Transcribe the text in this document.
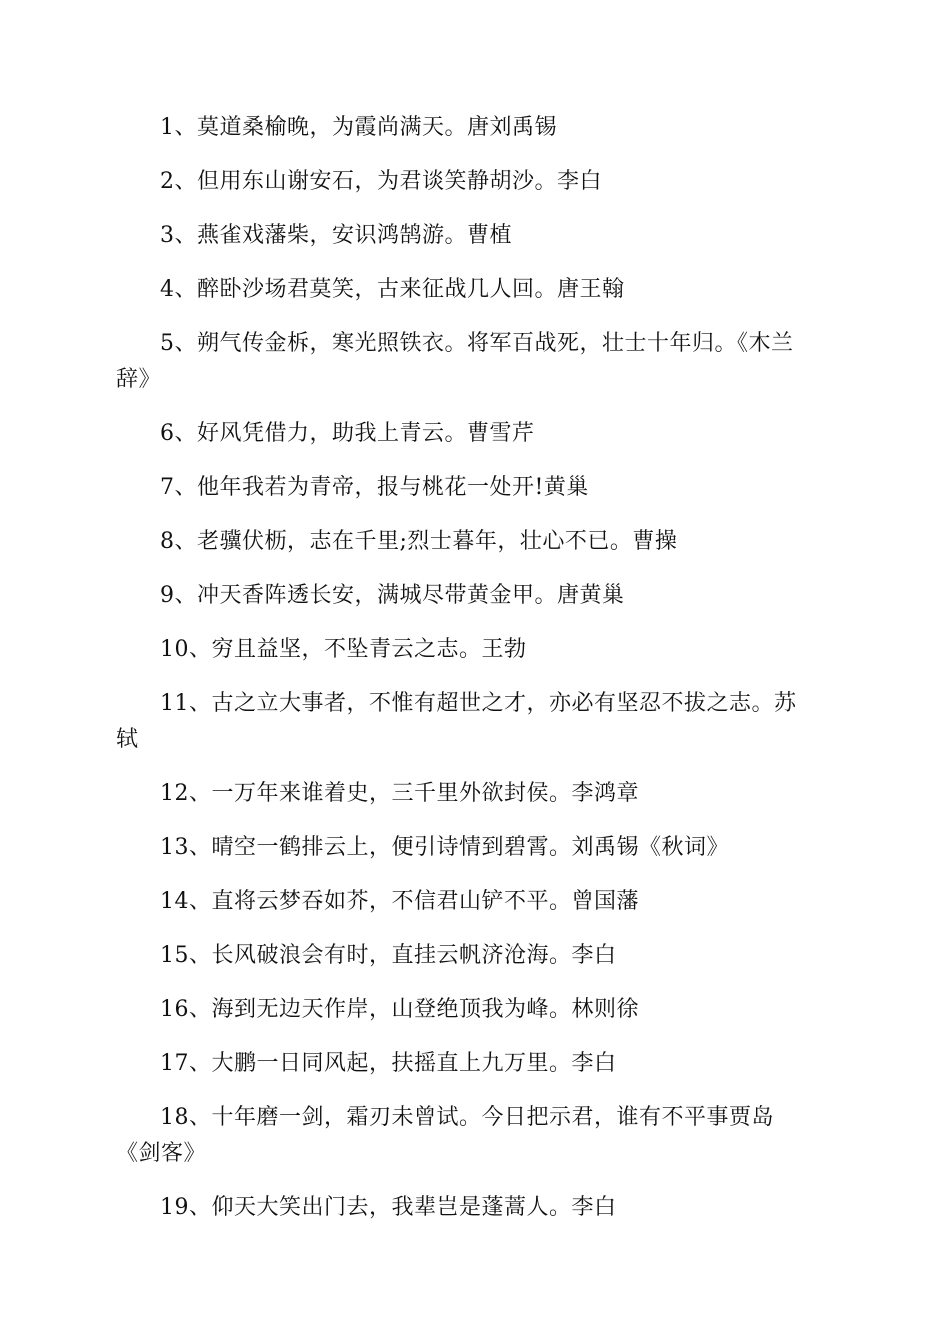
1、莫道桑榆晚，为霞尚满天。唐刘禹锡

2、但用东山谢安石，为君谈笑静胡沙。李白

3、燕雀戏藩柴，安识鸿鹄游。曹植

4、醉卧沙场君莫笑，古来征战几人回。唐王翰

5、朔气传金柝，寒光照铁衣。将军百战死，壮士十年归。《木兰辞》

6、好风凭借力，助我上青云。曹雪芹

7、他年我若为青帝，报与桃花一处开!黄巢

8、老骥伏枥，志在千里;烈士暮年，壮心不已。曹操

9、冲天香阵透长安，满城尽带黄金甲。唐黄巢

10、穷且益坚，不坠青云之志。王勃

11、古之立大事者，不惟有超世之才，亦必有坚忍不拔之志。苏轼

12、一万年来谁着史，三千里外欲封侯。李鸿章

13、晴空一鹤排云上，便引诗情到碧霄。刘禹锡《秋词》

14、直将云梦吞如芥，不信君山铲不平。曾国藩

15、长风破浪会有时，直挂云帆济沧海。李白

16、海到无边天作岸，山登绝顶我为峰。林则徐

17、大鹏一日同风起，扶摇直上九万里。李白

18、十年磨一剑，霜刃未曾试。今日把示君，谁有不平事贾岛《剑客》

19、仰天大笑出门去，我辈岂是蓬蒿人。李白
